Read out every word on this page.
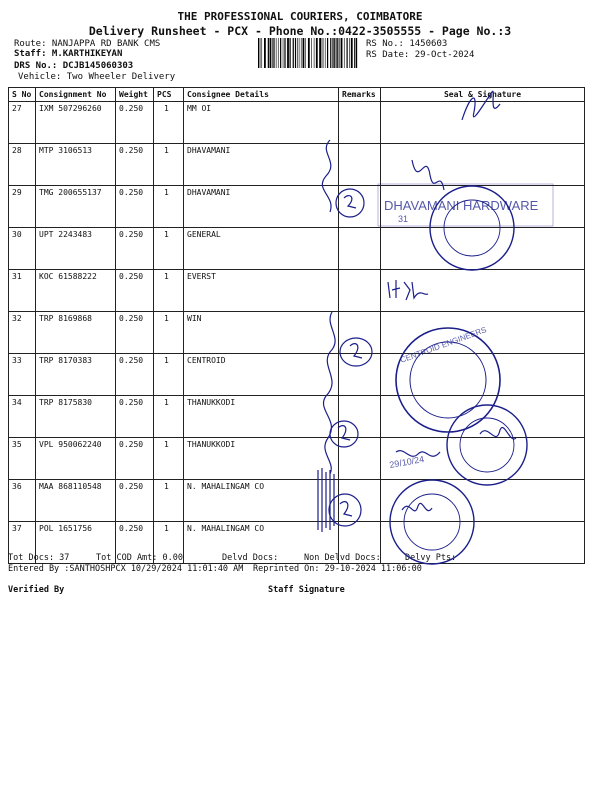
THE PROFESSIONAL COURIERS, COIMBATORE
Delivery Runsheet - PCX - Phone No.:0422-3505555 - Page No.:3
Route: NANJAPPA RD BANK CMS
Staff: M.KARTHIKEYAN
DRS No.: DCJB145060303
Vehicle: Two Wheeler Delivery
RS No.: 1450603
RS Date: 29-Oct-2024
S No	Consignment No	Weight	PCS	Consignee Details	Remarks	Seal & Signature
27	IXM 507296260	0.250	1	MM OI		
28	MTP 3106513	0.250	1	DHAVAMANI		
29	TMG 200655137	0.250	1	DHAVAMANI		
30	UPT 2243483	0.250	1	GENERAL		
31	KOC 61588222	0.250	1	EVERST		
32	TRP 8169868	0.250	1	WIN		
33	TRP 8170383	0.250	1	CENTROID		
34	TRP 8175830	0.250	1	THANUKKODI		
35	VPL 950062240	0.250	1	THANUKKODI		
36	MAA 868110548	0.250	1	N. MAHALINGAM CO		
37	POL 1651756	0.250	1	N. MAHALINGAM CO		
Tot Docs: 37	Tot COD Amt: 0.00	Delvd Docs:	Non Delvd Docs:	Delvy Pts:
Entered By :SANTHOSHPCX 10/29/2024 11:01:40 AM Reprinted On: 29-10-2024 11:06:00
Verified By	Staff Signature
DHAVAMANI HARDWARE
31
CENTROID ENGINEERS
29/10/24
